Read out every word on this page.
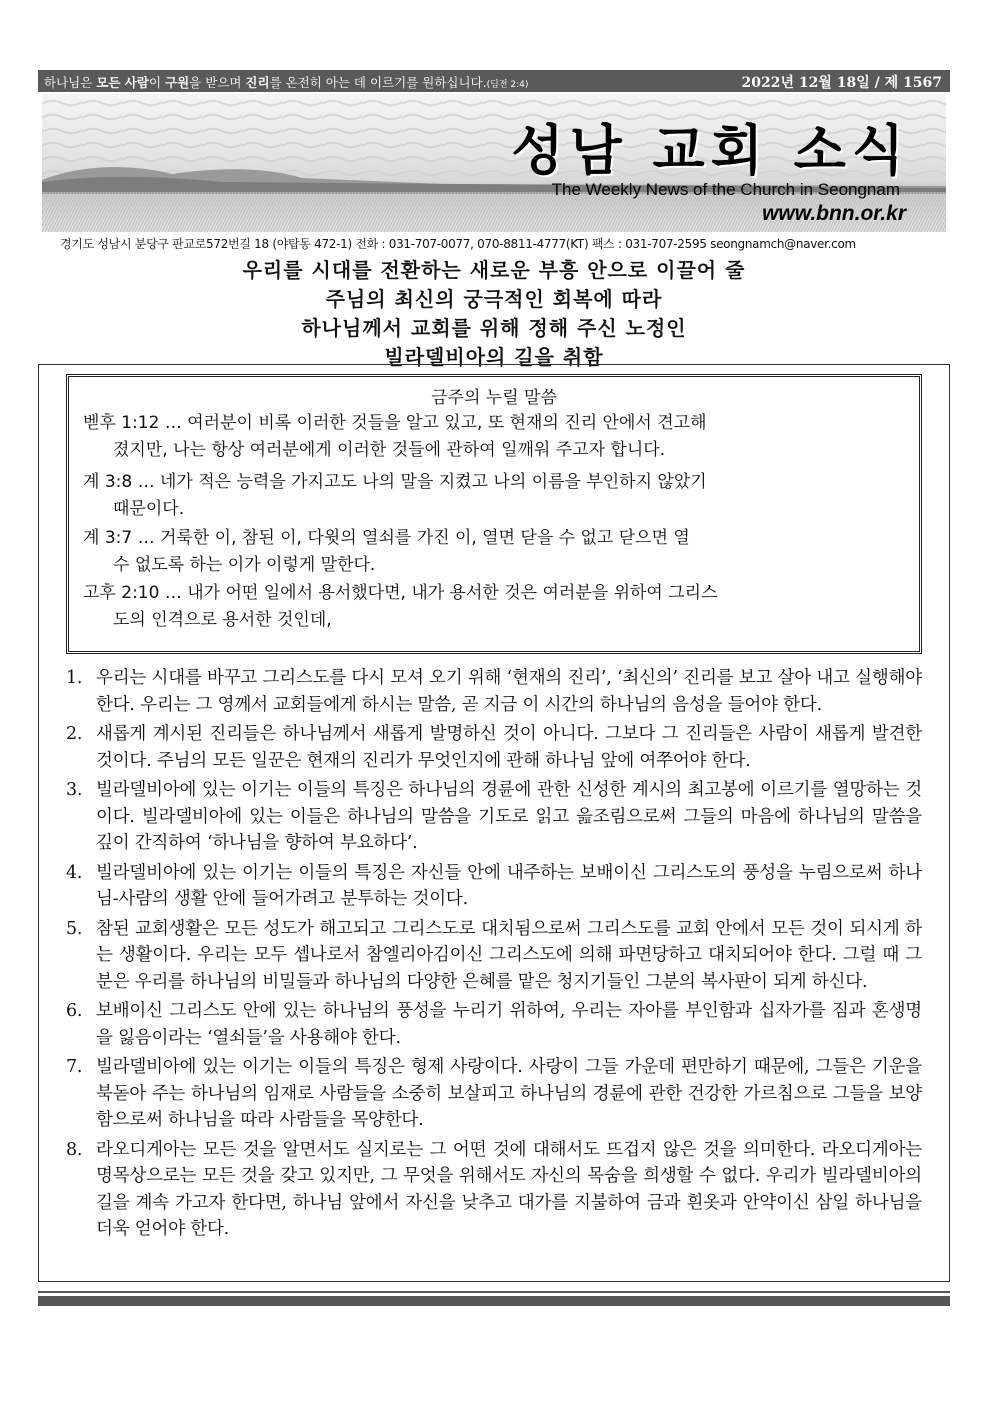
하나님은 모든 사람이 구원을 받으며 진리를 온전히 아는 데 이르기를 원하십니다.(딤전 2:4)	2022년 12월 18일 / 제 1567
성남 교회 소식
The Weekly News of the Church in Seongnam
www.bnn.or.kr
경기도 성남시 분당구 판교로572번길 18 (야탑동 472-1) 전화 : 031-707-0077, 070-8811-4777(KT) 팩스 : 031-707-2595 seongnamch@naver.com
우리를 시대를 전환하는 새로운 부흥 안으로 이끌어 줄
주님의 최신의 궁극적인 회복에 따라
하나님께서 교회를 위해 정해 주신 노정인
빌라델비아의 길을 취함
금주의 누릴 말씀
벧후 1:12 … 여러분이 비록 이러한 것들을 알고 있고, 또 현재의 진리 안에서 견고해
졌지만, 나는 항상 여러분에게 이러한 것들에 관하여 일깨워 주고자 합니다.
계 3:8 … 네가 적은 능력을 가지고도 나의 말을 지켰고 나의 이름을 부인하지 않았기
때문이다.
계 3:7 … 거룩한 이, 참된 이, 다윗의 열쇠를 가진 이, 열면 닫을 수 없고 닫으면 열
수 없도록 하는 이가 이렇게 말한다.
고후 2:10 … 내가 어떤 일에서 용서했다면, 내가 용서한 것은 여러분을 위하여 그리스
도의 인격으로 용서한 것인데,
1. 우리는 시대를 바꾸고 그리스도를 다시 모셔 오기 위해 ‘현재의 진리’, ‘최신의’ 진리를 보고 살아 내고 실행해야 한다. 우리는 그 영께서 교회들에게 하시는 말씀, 곧 지금 이 시간의 하나님의 음성을 들어야 한다.
2. 새롭게 계시된 진리들은 하나님께서 새롭게 발명하신 것이 아니다. 그보다 그 진리들은 사람이 새롭게 발견한 것이다. 주님의 모든 일꾼은 현재의 진리가 무엇인지에 관해 하나님 앞에 여쭈어야 한다.
3. 빌라델비아에 있는 이기는 이들의 특징은 하나님의 경륜에 관한 신성한 계시의 최고봉에 이르기를 열망하는 것이다. 빌라델비아에 있는 이들은 하나님의 말씀을 기도로 읽고 읊조림으로써 그들의 마음에 하나님의 말씀을 깊이 간직하여 ‘하나님을 향하여 부요하다’.
4. 빌라델비아에 있는 이기는 이들의 특징은 자신들 안에 내주하는 보배이신 그리스도의 풍성을 누림으로써 하나님-사람의 생활 안에 들어가려고 분투하는 것이다.
5. 참된 교회생활은 모든 성도가 해고되고 그리스도로 대치됨으로써 그리스도를 교회 안에서 모든 것이 되시게 하는 생활이다. 우리는 모두 셉나로서 참엘리아김이신 그리스도에 의해 파면당하고 대치되어야 한다. 그럴 때 그분은 우리를 하나님의 비밀들과 하나님의 다양한 은혜를 맡은 청지기들인 그분의 복사판이 되게 하신다.
6. 보배이신 그리스도 안에 있는 하나님의 풍성을 누리기 위하여, 우리는 자아를 부인함과 십자가를 짐과 혼생명을 잃음이라는 ‘열쇠들’을 사용해야 한다.
7. 빌라델비아에 있는 이기는 이들의 특징은 형제 사랑이다. 사랑이 그들 가운데 편만하기 때문에, 그들은 기운을 북돋아 주는 하나님의 임재로 사람들을 소중히 보살피고 하나님의 경륜에 관한 건강한 가르침으로 그들을 보양함으로써 하나님을 따라 사람들을 목양한다.
8. 라오디게아는 모든 것을 알면서도 실지로는 그 어떤 것에 대해서도 뜨겁지 않은 것을 의미한다. 라오디게아는 명목상으로는 모든 것을 갖고 있지만, 그 무엇을 위해서도 자신의 목숨을 희생할 수 없다. 우리가 빌라델비아의 길을 계속 가고자 한다면, 하나님 앞에서 자신을 낮추고 대가를 지불하여 금과 흰옷과 안약이신 삼일 하나님을 더욱 얻어야 한다.
